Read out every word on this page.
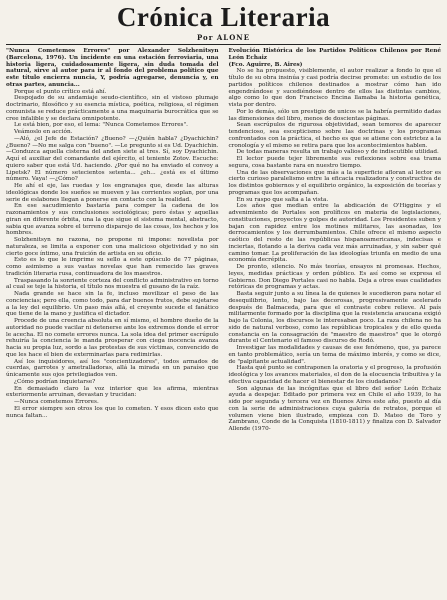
Crónica Literaria
Por ALONE

"Nunca Cometemos Errores" por Alexander Solzhenitsyn (Barcelona, 1976). Un incidente en una estación ferroviaria, una historia ligera, cuidadosamente ligera, sin duda tomada del natural, sirve al autor para ir al fondo del problema político que este título encierra nuncia, Y, podría agregarse, denuncia y, en otras partes, anuncia...

Porque el punto crítico está ahí.

Despojado de su andamiaje seudo-científico, sin el vistoso plumaje doctrinario, filosófico y su esencia mística, poética, religiosa, el régimen comunista se reduce prácticamente a una maquinaria burocrática que se cree infalible y se declara omnipotente.

Le está bien, por eso, el lema: "Nunca Cometemos Errores".

Veámoslo en acción.

—Aló, ¿el Jefe de Estación? ¿Bueno? —¿Quién habla? ¿Dyachichin? ¿Bueno? —No me salga con "bueno". —Le pregunto si es Ud. Dyachichin. —Conduzca aquella cisterna del anden siete al tres. Sí, soy Dyachichin. Aquí el auxiliar del comandante del ejército, el teniente Zotov. Escuche: quiero saber que está Ud. haciendo. ¿Por qué no ha enviado el convoy a Lipetsk? El número setecientos setenta... ¿eh... ¿está es el último número. Vaya! —¿Cómo?

He ahí el eje, las ruedas y los engranajes que, desde las alturas ideológicas donde los sueños se mueven y las corrientes soplan, por una serie de eslabones llegan a ponerse en contacto con la realidad.

En ese sacudimiento bastaría para comper la cadena de los razonamientos y sus conclusiones sociológicas; pero éstas y aquellas giran en diferente órbita, una la que sigue el sistema mental, abstracto, sabia que avanza sobre el terreno disparejo de las cosas, los hechos y los hombres.

Solzhenitsyn no razona, no propone ni impone: novelista por naturaleza, se limita a exponer con una malicioso objetividad y no sin cierto goce íntimo, una fruición de artista en su oficio.

Esto es lo que le imprime su sello a este opúsculo de 77 páginas, como asimismo a sus vastas novelas que han remecido las graves tradición literaria rusa, continuadora de los maestros.

Traspasando la sonriente corteza del conflicto administrativo en torno al cual se teje la historia, el título nos muestra el gusano de la raíz.

Nada grande se hace sin la fe, incluso movilizar el peso de las conciencias; pero ella, como todo, para dar buenos frutos, debe sujetarse a la ley del equilibrio. Un paso más allá, el creyente sucede el fanático que tiene de la mano y justifica el dictador.

Procede de una creencia absoluta en sí mismo, el hombre dueño de la autoridad no puede vacilar ni detenerse ante los extremos donde el error le acecha. El no comete errores nunca. La sola idea del primer escrúpulo rehuiría la conciencia le manda prosperar con ciega inocencia avanza hacia su propia luz, sordo a las protestas de sus víctimas, convencido de que les hace el bien de exterminarlas para redimirlas.

Así los inquisidores, así los "concientizadores", todos armados de cuerdas, garrotes y ametralladoras, allá la mirada en un paraíso que únicamente sus ojos privilegiados ven.

¿Cómo podrían inquietarse?

En demasiado claro la voz interior que les afirma, mientras exteriormente arruinan, devastan y trucidan:

—Nunca cometemos Errores.

El error siempre son otros los que lo cometen. Y esos dicen esto que nunca faltan...

Evolución Histórica de los Partidos Políticos Chilenos por René León Echaiz

(Fco. Aguirre, B. Aires)

No se ha propuesto, visiblemente, el autor realizar a fondo lo que el título de su obra insinúa y casi podría decirse promete: un estudio de los partidos políticos chilenos destinados a mostrar cómo han ido engendrándose y sucediéndose dentro de ellos las distintas cambios, algo como lo que don Francisco Encina llamaba la historia genética, vista por dentro.

Por lo demás, sólo un prestigio de unicos se la habría permitido dadas las dimensiones del libro, menos de doscientas páginas.

Sean escrúpulos de rigurosa objetividad, sean temores de aparecer tendencioso, sea escepticismo sobre las doctrinas y los programas confrontados con la práctica, el hecho es que se atiene con estrictez a la cronología y el mismo se retira para que los acontecimientos hablen.

De todas maneras resulta un trabajo valioso y de indiscutible utilidad.

El lector puede tejer libremente sus reflexiones sobre esa trama segura, cosa bastante rara en nuestro tiempo.

Una de las observaciones que más a la superficie afloran al lector es cierto curioso paralelismo entre la eficacia realizadora y constructiva de los distintos gobiernos y el equilibrio orgánico, la exposición de teorías y programas que los acompañan.

En su raspo que salta a la vista.

Los años que median entre la abdicación de O'Higgins y el advenimiento de Portales son prolíficos en materia de legislaciones, constituciones, proyectos y golpes de autoridad. Los Presidentes suben y bajan con rapidez entre los motines militares, las asonadas, los derrocamientos y los derrumbamientos. Chile ofrece el mismo aspecto caótico del resto de las repúblicas hispanoamericanas, indecisas e inciertas, flotando a la deriva cada vez más arruinadas, y sin saber qué camino tomar. La proliferación de las ideologías triunfa en medio de una economía decrépita.

De pronto, silencio. No más teorías, ensayos ni promesas. Hechos, leyes, medidas prácticas y orden público. Es así como se expresa el Gobierno. Don Diego Portales casi no habla. Deja a otros esas cualidades retóricas de programas y actas.

Basta seguir junto a su línea la de quienes le sucedieron para notar el desequilibrio, lento, bajo las decorosas, progresivamente acelerado después de Balmaceda, para que el contraste cobre relieve. Al país militarmente formado por la disciplina que la resistencia araucana exigió bajo la Colonia, los discursos le interesaban poco. La raza chilena no ha sido de natural verboso, como las repúblicas tropicales y de ello queda constancia en la consagración de "maestro de maestros" que le otorgó durante el Centenario el famoso discurso de Rodó.

Investigar las modalidades y causas de ese fenómeno, que, ya parece en tanto problemático, sería un tema de máximo interés, y como se dice, de "palpitante actualidad".

Hasta qué punto se contraponen la oratoria y el progreso, la profusión ideológica y los avances materiales, el don de la elocuencia tribuitiva y la efectiva capacidad de hacer el bienestar de los ciudadanos?

Son algunas de las incógnitas que el libro del señor León Echaiz ayuda a despejar. Editado por primera vez en Chile el año 1939, lo ha sido por segunda y tercera vez en Buenos Aires este año, puesto al día con la serie de administraciones cuya galería de retratos, porque el volumen viene bien ilustrado, empieza con D. Mateo de Toro y Zambrano, Conde de la Conquista (1810-1811) y finaliza con D. Salvador Allende (1970-
